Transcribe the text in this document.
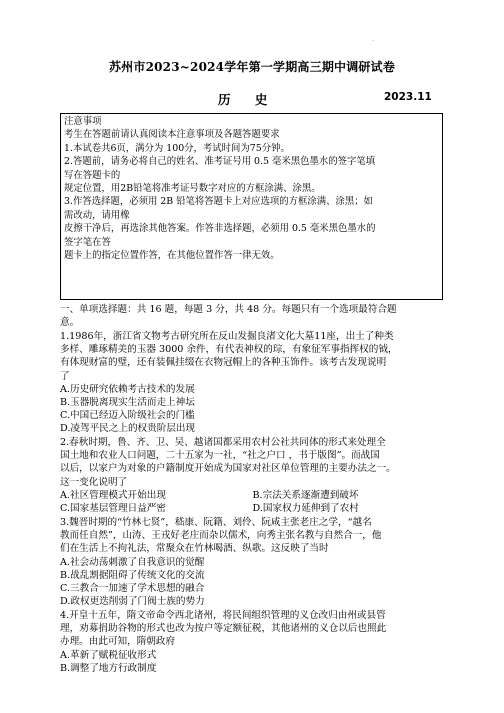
.
苏州市2023~2024学年第一学期高三期中调研试卷
历 史	2023.11
注意事项
考生在答题前请认真阅读本注意事项及各题答题要求
1.本试卷共6页，满分为 100分，考试时间为75分钟。
2.答题前，请务必将自己的姓名、准考证号用 0.5 毫米黑色墨水的签字笔填
写在答题卡的
规定位置，用2B铅笔将准考证号数字对应的方框涂满、涂黑。
3.作答选择题，必须用 2B 铅笔将答题卡上对应选项的方框涂满、涂黑；如
需改动，请用橡
皮擦干净后，再选涂其他答案。作答非选择题，必须用 0.5 毫米黑色墨水的
签字笔在答
题卡上的指定位置作答，在其他位置作答一律无效。
一、单项选择题：共 16 题，每题 3 分，共 48 分。每题只有一个选项最符合题
意。
1.1986年，浙江省文物考古研究所在反山发掘良渚文化大墓11座，出土了种类
多样、雕琢精美的玉器 3000 余件，有代表神权的琮，有象征军事指挥权的钺，
有体现财富的璧，还有装佩挂缀在衣物冠帽上的各种玉饰件。该考古发现说明
了
A.历史研究依赖考古技术的发展
B.玉器脱离现实生活而走上神坛
C.中国已经迈入阶级社会的门槛
D.凌驾平民之上的权贵阶层出现
2.春秋时期，鲁、齐、卫、吴、越诸国都采用农村公社共同体的形式来处理全
国土地和农业人口问题，二十五家为一社，“社之户口 ，书于版图”。而战国
以后，以家户为对象的户籍制度开始成为国家对社区单位管理的主要办法之一。
这一变化说明了
A.社区管理模式开始出现	B.宗法关系逐渐遭到破坏
C.国家基层管理日益严密	D.国家权力延伸到了农村
3.魏晋时期的“竹林七贤”，嵇康、阮籍、刘伶、阮咸主张老庄之学，“越名
教而任自然”，山涛、王戎好老庄而杂以儒术，向秀主张名教与自然合一，他
们在生活上不拘礼法，常聚众在竹林喝酒、纵歌。这反映了当时
A.社会动荡刺激了自我意识的觉醒
B.战乱割据阻碍了传统文化的交流
C.三教合一加速了学术思想的融合
D.政权更迭削弱了门阀士族的势力
4.开皇十五年，隋文帝命令西北诸州，将民间组织管理的义仓改归由州或县管
理，劝募捐助谷物的形式也改为按户等定额征税，其他诸州的义仓以后也照此
办理。由此可知，隋朝政府
A.革新了赋税征收形式
B.调整了地方行政制度
